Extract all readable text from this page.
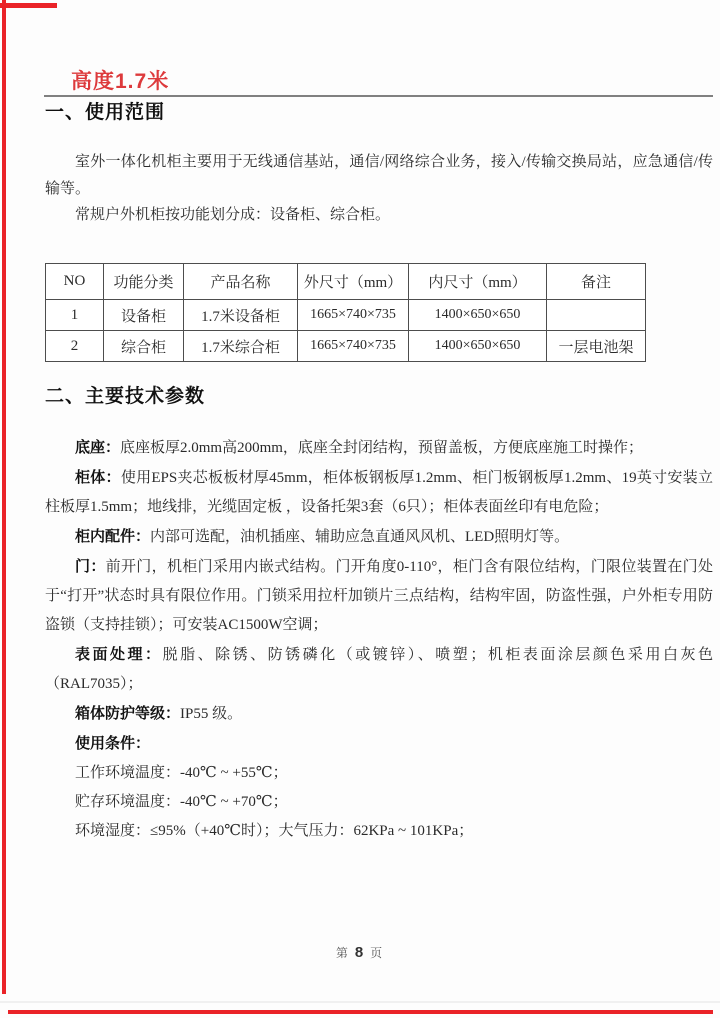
高度1.7米
一、使用范围

室外一体化机柜主要用于无线通信基站，通信/网络综合业务，接入/传输交换局站，应急通信/传输等。

常规户外机柜按功能划分成：设备柜、综合柜。

NO	功能分类	产品名称	外尺寸（mm）	内尺寸（mm）	备注
1	设备柜	1.7米设备柜	1665×740×735	1400×650×650	
2	综合柜	1.7米综合柜	1665×740×735	1400×650×650	一层电池架
二、主要技术参数

底座：底座板厚2.0mm高200mm，底座全封闭结构，预留盖板，方便底座施工时操作；

柜体：使用EPS夹芯板板材厚45mm，柜体板钢板厚1.2mm、柜门板钢板厚1.2mm、19英寸安装立柱板厚1.5mm；地线排，光缆固定板 ，设备托架3套（6只）；柜体表面丝印有电危险；

柜内配件：内部可选配，油机插座、辅助应急直通风风机、LED照明灯等。

门：前开门，机柜门采用内嵌式结构。门开角度0-110°，柜门含有限位结构，门限位装置在门处于“打开”状态时具有限位作用。门锁采用拉杆加锁片三点结构，结构牢固，防盗性强，户外柜专用防盗锁（支持挂锁）；可安装AC1500W空调；

表面处理：脱脂、除锈、防锈磷化（或镀锌）、喷塑；机柜表面涂层颜色采用白灰色（RAL7035）；

箱体防护等级：IP55 级。

使用条件：

工作环境温度：-40℃ ~ +55℃；

贮存环境温度：-40℃ ~ +70℃；

环境湿度：≤95%（+40℃时）；大气压力：62KPa ~ 101KPa；

第 8 页
